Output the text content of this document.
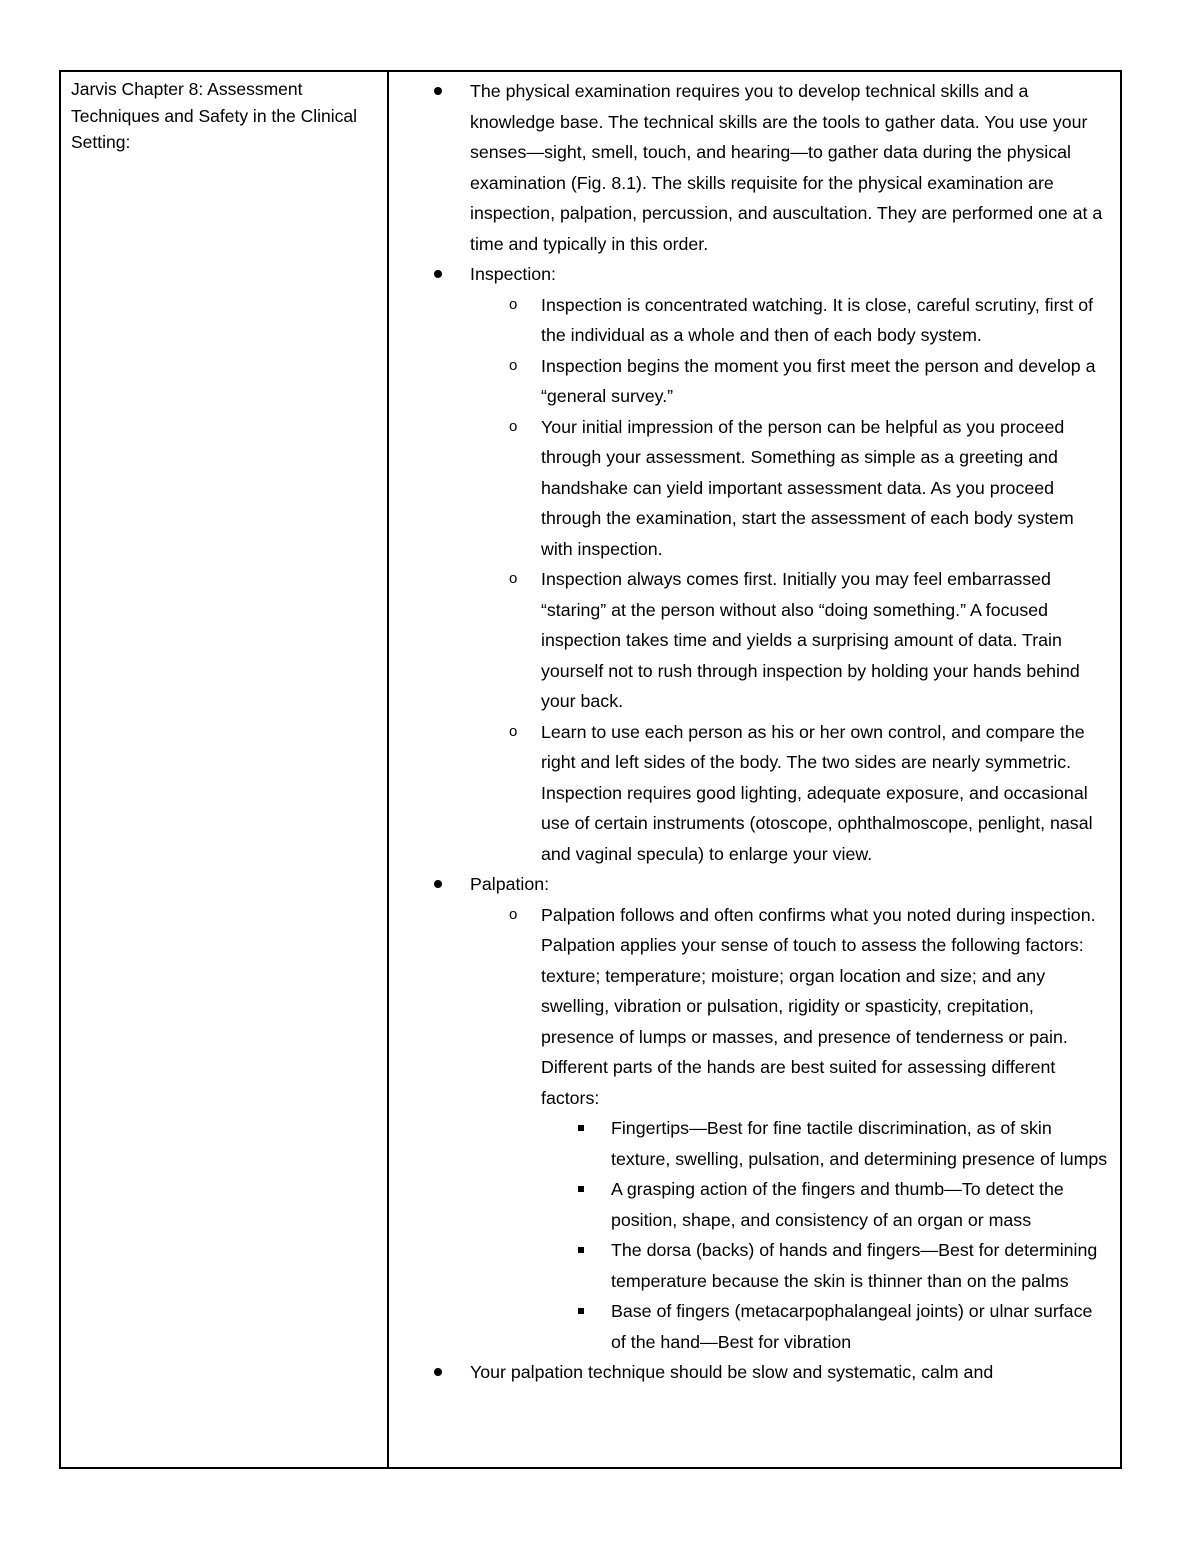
Jarvis Chapter 8: Assessment Techniques and Safety in the Clinical Setting:

The physical examination requires you to develop technical skills and a knowledge base. The technical skills are the tools to gather data. You use your senses—sight, smell, touch, and hearing—to gather data during the physical examination (Fig. 8.1). The skills requisite for the physical examination are inspection, palpation, percussion, and auscultation. They are performed one at a time and typically in this order.
Inspection:
o Inspection is concentrated watching. It is close, careful scrutiny, first of the individual as a whole and then of each body system.
o Inspection begins the moment you first meet the person and develop a “general survey.”
o Your initial impression of the person can be helpful as you proceed through your assessment. Something as simple as a greeting and handshake can yield important assessment data. As you proceed through the examination, start the assessment of each body system with inspection.
o Inspection always comes first. Initially you may feel embarrassed “staring” at the person without also “doing something.” A focused inspection takes time and yields a surprising amount of data. Train yourself not to rush through inspection by holding your hands behind your back.
o Learn to use each person as his or her own control, and compare the right and left sides of the body. The two sides are nearly symmetric. Inspection requires good lighting, adequate exposure, and occasional use of certain instruments (otoscope, ophthalmoscope, penlight, nasal and vaginal specula) to enlarge your view.
Palpation:
o Palpation follows and often confirms what you noted during inspection. Palpation applies your sense of touch to assess the following factors: texture; temperature; moisture; organ location and size; and any swelling, vibration or pulsation, rigidity or spasticity, crepitation, presence of lumps or masses, and presence of tenderness or pain. Different parts of the hands are best suited for assessing different factors:
Fingertips—Best for fine tactile discrimination, as of skin texture, swelling, pulsation, and determining presence of lumps
A grasping action of the fingers and thumb—To detect the position, shape, and consistency of an organ or mass
The dorsa (backs) of hands and fingers—Best for determining temperature because the skin is thinner than on the palms
Base of fingers (metacarpophalangeal joints) or ulnar surface of the hand—Best for vibration
Your palpation technique should be slow and systematic, calm and
